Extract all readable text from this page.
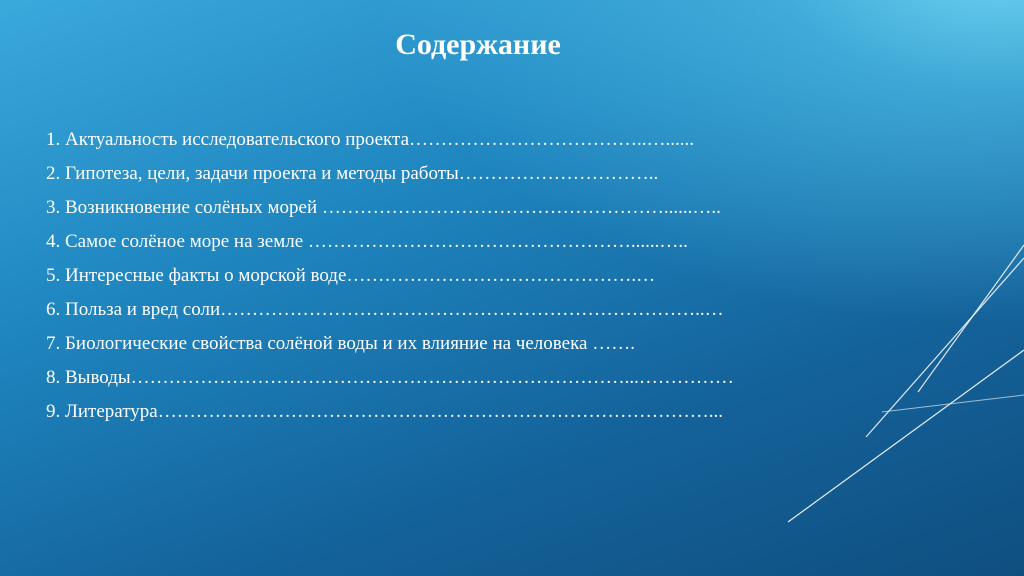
Содержание
1. Актуальность исследовательского проекта………………………………..…......
2. Гипотеза, цели, задачи проекта и методы работы…………………………..
3. Возникновение солёных морей ………………………………………………......…..
4. Самое солёное море на земле ……………………………………………......…..
5. Интересные факты о морской воде……………………………………….…
6. Польза и вред соли…………………………………………………………………..…
7. Биологические свойства солёной воды и их влияние на человека …….
8. Выводы……………………………………………………………………...……………
9. Литература……………………………………………………………………………...
